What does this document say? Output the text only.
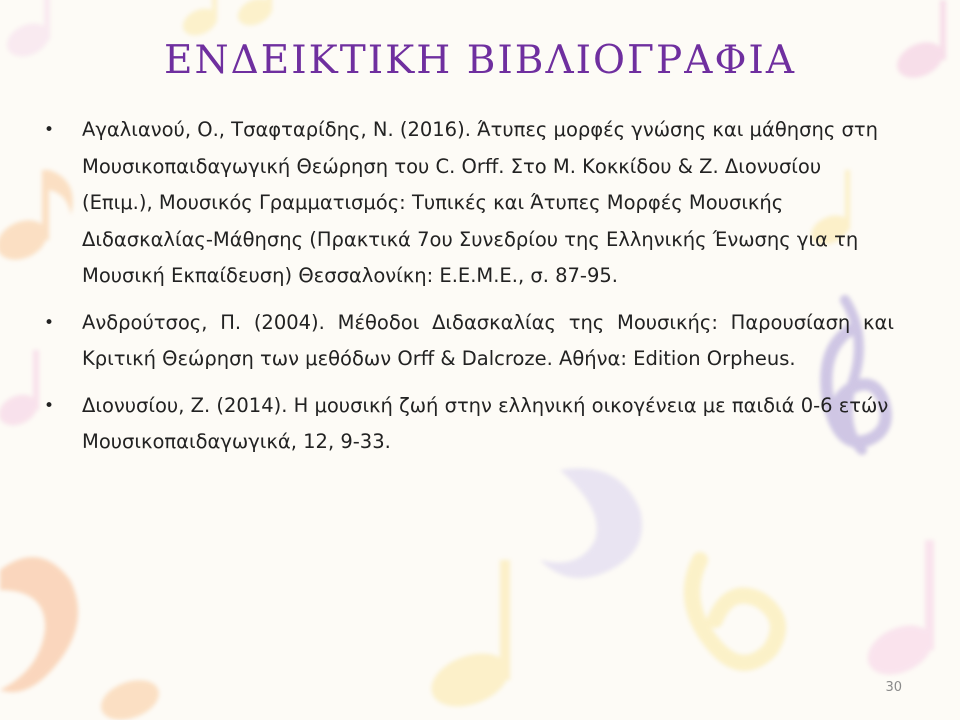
ΕΝΔΕΙΚΤΙΚΗ ΒΙΒΛΙΟΓΡΑΦΙΑ
• Αγαλιανού, Ο., Τσαφταρίδης, Ν. (2016). Άτυπες μορφές γνώσης και μάθησης στη Μουσικοπαιδαγωγική Θεώρηση του C. Orff. Στο Μ. Κοκκίδου & Ζ. Διονυσίου (Επιμ.), Μουσικός Γραμματισμός: Τυπικές και Άτυπες Μορφές Μουσικής Διδασκαλίας-Μάθησης (Πρακτικά 7ου Συνεδρίου της Ελληνικής Ένωσης για τη Μουσική Εκπαίδευση) Θεσσαλονίκη: Ε.Ε.Μ.Ε., σ. 87-95.
• Ανδρούτσος, Π. (2004). Μέθοδοι Διδασκαλίας της Μουσικής: Παρουσίαση και Κριτική Θεώρηση των μεθόδων Orff & Dalcroze. Αθήνα: Edition Orpheus.
• Διονυσίου, Ζ. (2014). Η μουσική ζωή στην ελληνική οικογένεια με παιδιά 0-6 ετών Μουσικοπαιδαγωγικά, 12, 9-33.
30
